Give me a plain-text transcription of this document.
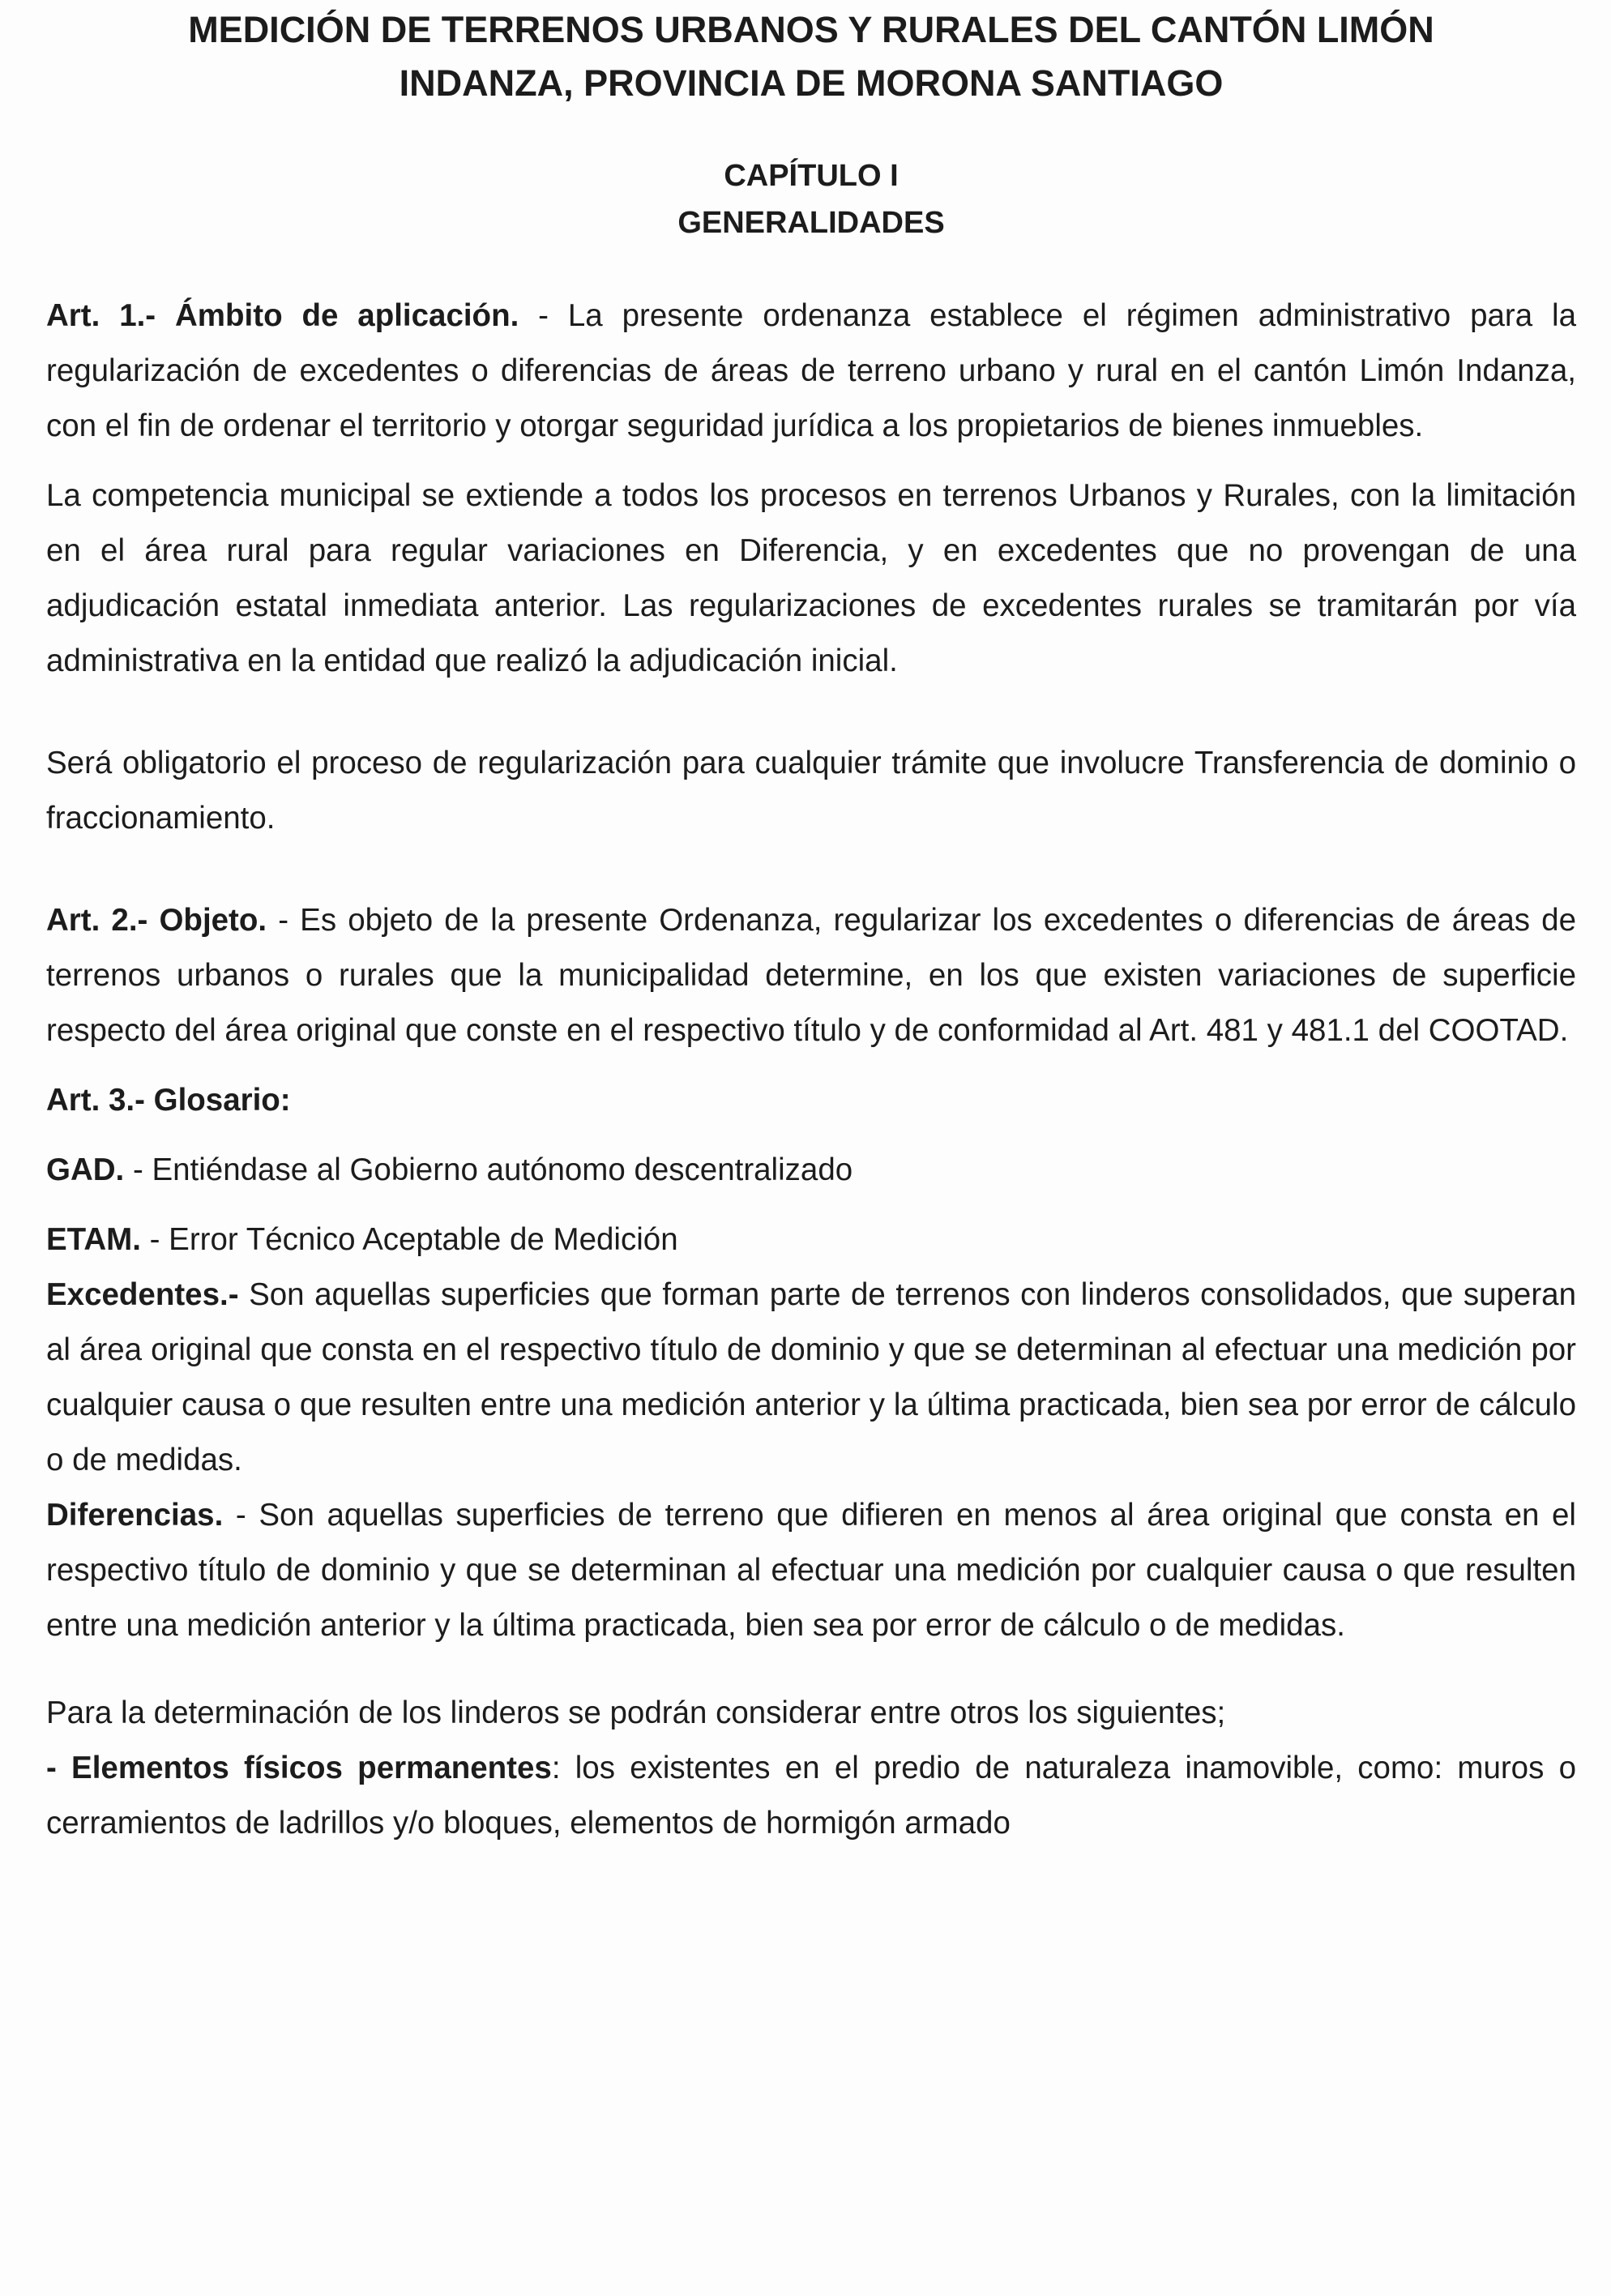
MEDICIÓN DE TERRENOS URBANOS Y RURALES DEL CANTÓN LIMÓN
INDANZA, PROVINCIA DE MORONA SANTIAGO
CAPÍTULO I
GENERALIDADES

Art. 1.- Ámbito de aplicación. - La presente ordenanza establece el régimen administrativo para la regularización de excedentes o diferencias de áreas de terreno urbano y rural en el cantón Limón Indanza, con el fin de ordenar el territorio y otorgar seguridad jurídica a los propietarios de bienes inmuebles.

La competencia municipal se extiende a todos los procesos en terrenos Urbanos y Rurales, con la limitación en el área rural para regular variaciones en Diferencia, y en excedentes que no provengan de una adjudicación estatal inmediata anterior. Las regularizaciones de excedentes rurales se tramitarán por vía administrativa en la entidad que realizó la adjudicación inicial.

Será obligatorio el proceso de regularización para cualquier trámite que involucre Transferencia de dominio o fraccionamiento.

Art. 2.- Objeto. - Es objeto de la presente Ordenanza, regularizar los excedentes o diferencias de áreas de terrenos urbanos o rurales que la municipalidad determine, en los que existen variaciones de superficie respecto del área original que conste en el respectivo título y de conformidad al Art. 481 y 481.1 del COOTAD.

Art. 3.- Glosario:

GAD. - Entiéndase al Gobierno autónomo descentralizado

ETAM. - Error Técnico Aceptable de Medición

Excedentes.- Son aquellas superficies que forman parte de terrenos con linderos consolidados, que superan al área original que consta en el respectivo título de dominio y que se determinan al efectuar una medición por cualquier causa o que resulten entre una medición anterior y la última practicada, bien sea por error de cálculo o de medidas.

Diferencias. - Son aquellas superficies de terreno que difieren en menos al área original que consta en el respectivo título de dominio y que se determinan al efectuar una medición por cualquier causa o que resulten entre una medición anterior y la última practicada, bien sea por error de cálculo o de medidas.

Para la determinación de los linderos se podrán considerar entre otros los siguientes;

- Elementos físicos permanentes: los existentes en el predio de naturaleza inamovible, como: muros o cerramientos de ladrillos y/o bloques, elementos de hormigón armado
